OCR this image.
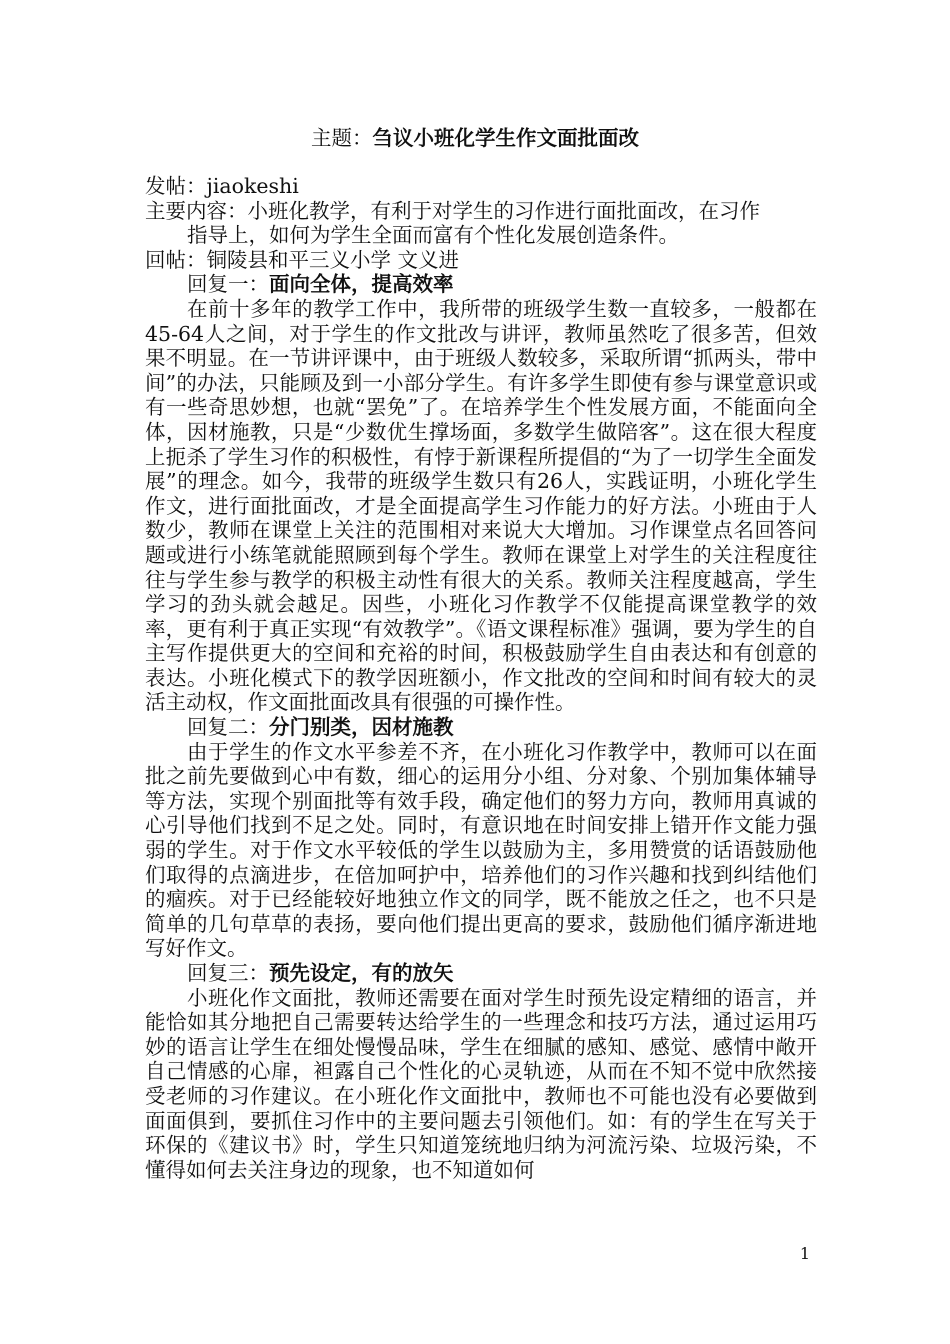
主题：刍议小班化学生作文面批面改
发帖：jiaokeshi
主要内容：小班化教学，有利于对学生的习作进行面批面改，在习作
指导上，如何为学生全面而富有个性化发展创造条件。
回帖：铜陵县和平三义小学 文义进
回复一：面向全体，提高效率

在前十多年的教学工作中，我所带的班级学生数一直较多，一般都在45-64人之间，对于学生的作文批改与讲评，教师虽然吃了很多苦，但效果不明显。在一节讲评课中，由于班级人数较多，采取所谓“抓两头，带中间”的办法，只能顾及到一小部分学生。有许多学生即使有参与课堂意识或有一些奇思妙想，也就“罢免”了。在培养学生个性发展方面，不能面向全体，因材施教，只是“少数优生撑场面，多数学生做陪客”。这在很大程度上扼杀了学生习作的积极性，有悖于新课程所提倡的“为了一切学生全面发展”的理念。如今，我带的班级学生数只有26人，实践证明，小班化学生作文，进行面批面改，才是全面提高学生习作能力的好方法。小班由于人数少，教师在课堂上关注的范围相对来说大大增加。习作课堂点名回答问题或进行小练笔就能照顾到每个学生。教师在课堂上对学生的关注程度往往与学生参与教学的积极主动性有很大的关系。教师关注程度越高，学生学习的劲头就会越足。因些，小班化习作教学不仅能提高课堂教学的效率，更有利于真正实现“有效教学”。《语文课程标准》强调，要为学生的自主写作提供更大的空间和充裕的时间，积极鼓励学生自由表达和有创意的表达。小班化模式下的教学因班额小，作文批改的空间和时间有较大的灵活主动权，作文面批面改具有很强的可操作性。

回复二：分门别类，因材施教

由于学生的作文水平参差不齐，在小班化习作教学中，教师可以在面批之前先要做到心中有数，细心的运用分小组、分对象、个别加集体辅导等方法，实现个别面批等有效手段，确定他们的努力方向，教师用真诚的心引导他们找到不足之处。同时，有意识地在时间安排上错开作文能力强弱的学生。对于作文水平较低的学生以鼓励为主，多用赞赏的话语鼓励他们取得的点滴进步，在倍加呵护中，培养他们的习作兴趣和找到纠结他们的痼疾。对于已经能较好地独立作文的同学，既不能放之任之，也不只是简单的几句草草的表扬，要向他们提出更高的要求，鼓励他们循序渐进地写好作文。

回复三：预先设定，有的放矢

小班化作文面批，教师还需要在面对学生时预先设定精细的语言，并能恰如其分地把自己需要转达给学生的一些理念和技巧方法，通过运用巧妙的语言让学生在细处慢慢品味，学生在细腻的感知、感觉、感情中敞开自己情感的心扉，袒露自己个性化的心灵轨迹，从而在不知不觉中欣然接受老师的习作建议。在小班化作文面批中，教师也不可能也没有必要做到面面俱到，要抓住习作中的主要问题去引领他们。如：有的学生在写关于环保的《建议书》时，学生只知道笼统地归纳为河流污染、垃圾污染，不懂得如何去关注身边的现象，也不知道如何

1
